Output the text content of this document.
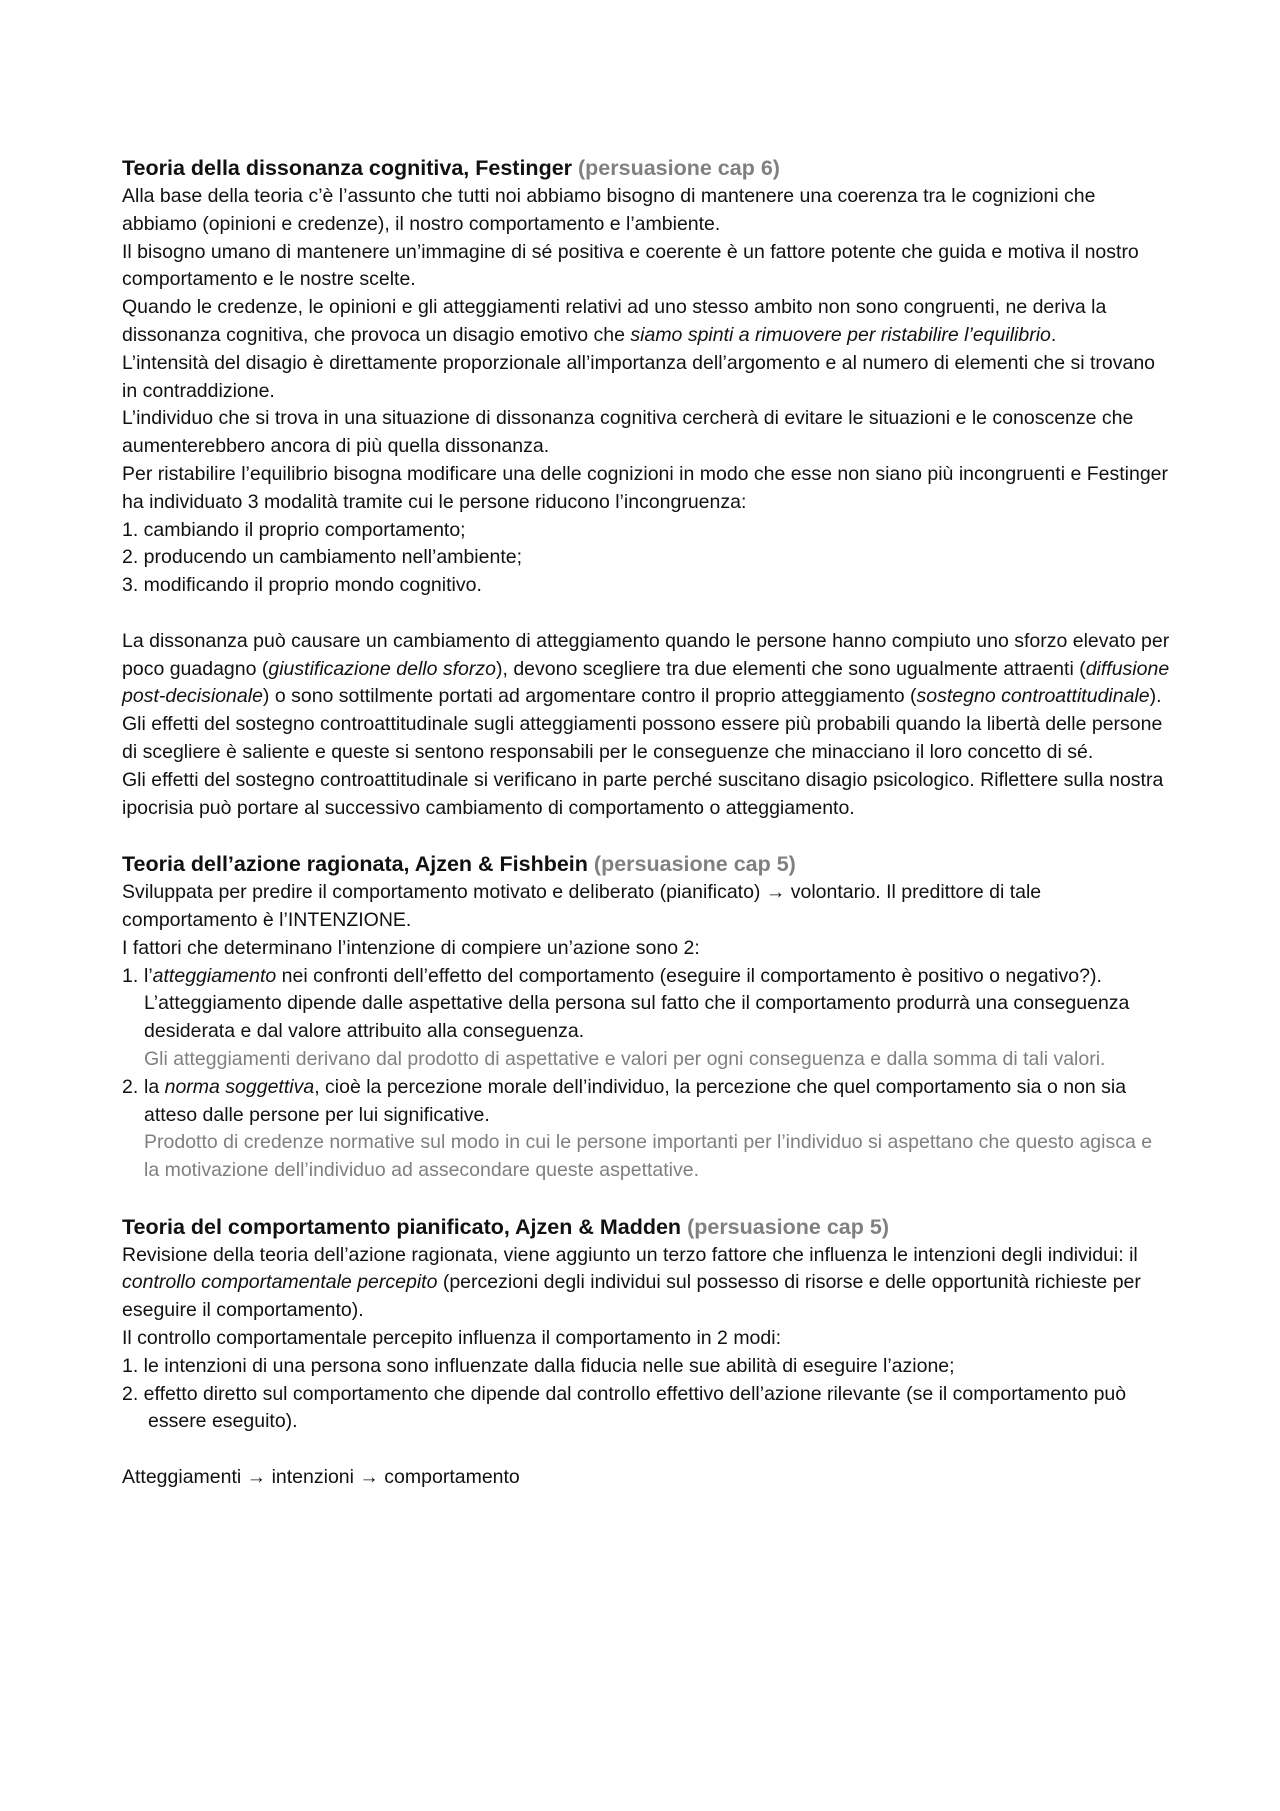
Teoria della dissonanza cognitiva, Festinger (persuasione cap 6)

Alla base della teoria c’è l’assunto che tutti noi abbiamo bisogno di mantenere una coerenza tra le cognizioni che abbiamo (opinioni e credenze), il nostro comportamento e l’ambiente.

Il bisogno umano di mantenere un’immagine di sé positiva e coerente è un fattore potente che guida e motiva il nostro comportamento e le nostre scelte.

Quando le credenze, le opinioni e gli atteggiamenti relativi ad uno stesso ambito non sono congruenti, ne deriva la dissonanza cognitiva, che provoca un disagio emotivo che siamo spinti a rimuovere per ristabilire l’equilibrio.

L’intensità del disagio è direttamente proporzionale all’importanza dell’argomento e al numero di elementi che si trovano in contraddizione.

L’individuo che si trova in una situazione di dissonanza cognitiva cercherà di evitare le situazioni e le conoscenze che aumenterebbero ancora di più quella dissonanza.

Per ristabilire l’equilibrio bisogna modificare una delle cognizioni in modo che esse non siano più incongruenti e Festinger ha individuato 3 modalità tramite cui le persone riducono l’incongruenza:

1. cambiando il proprio comportamento;

2. producendo un cambiamento nell’ambiente;

3. modificando il proprio mondo cognitivo.

La dissonanza può causare un cambiamento di atteggiamento quando le persone hanno compiuto uno sforzo elevato per poco guadagno (giustificazione dello sforzo), devono scegliere tra due elementi che sono ugualmente attraenti (diffusione post-decisionale) o sono sottilmente portati ad argomentare contro il proprio atteggiamento (sostegno controattitudinale).

Gli effetti del sostegno controattitudinale sugli atteggiamenti possono essere più probabili quando la libertà delle persone di scegliere è saliente e queste si sentono responsabili per le conseguenze che minacciano il loro concetto di sé.

Gli effetti del sostegno controattitudinale si verificano in parte perché suscitano disagio psicologico. Riflettere sulla nostra ipocrisia può portare al successivo cambiamento di comportamento o atteggiamento.

Teoria dell’azione ragionata, Ajzen & Fishbein (persuasione cap 5)

Sviluppata per predire il comportamento motivato e deliberato (pianificato) → volontario. Il predittore di tale comportamento è l’INTENZIONE.

I fattori che determinano l’intenzione di compiere un’azione sono 2:

1. l’atteggiamento nei confronti dell’effetto del comportamento (eseguire il comportamento è positivo o negativo?). L’atteggiamento dipende dalle aspettative della persona sul fatto che il comportamento produrrà una conseguenza desiderata e dal valore attribuito alla conseguenza.

Gli atteggiamenti derivano dal prodotto di aspettative e valori per ogni conseguenza e dalla somma di tali valori.

2. la norma soggettiva, cioè la percezione morale dell’individuo, la percezione che quel comportamento sia o non sia atteso dalle persone per lui significative.

Prodotto di credenze normative sul modo in cui le persone importanti per l’individuo si aspettano che questo agisca e la motivazione dell’individuo ad assecondare queste aspettative.

Teoria del comportamento pianificato, Ajzen & Madden (persuasione cap 5)

Revisione della teoria dell’azione ragionata, viene aggiunto un terzo fattore che influenza le intenzioni degli individui: il controllo comportamentale percepito (percezioni degli individui sul possesso di risorse e delle opportunità richieste per eseguire il comportamento).

Il controllo comportamentale percepito influenza il comportamento in 2 modi:

1. le intenzioni di una persona sono influenzate dalla fiducia nelle sue abilità di eseguire l’azione;

2. effetto diretto sul comportamento che dipende dal controllo effettivo dell’azione rilevante (se il comportamento può essere eseguito).

Atteggiamenti → intenzioni → comportamento
